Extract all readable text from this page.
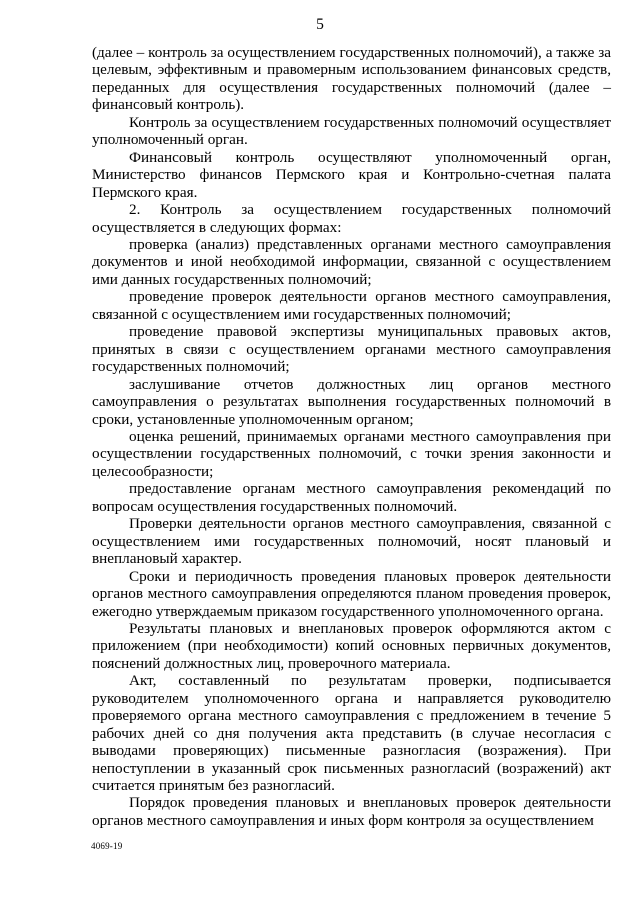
5

(далее – контроль за осуществлением государственных полномочий), а также за целевым, эффективным и правомерным использованием финансовых средств, переданных для осуществления государственных полномочий (далее – финансовый контроль).

Контроль за осуществлением государственных полномочий осуществляет уполномоченный орган.

Финансовый контроль осуществляют уполномоченный орган, Министерство финансов Пермского края и Контрольно-счетная палата Пермского края.

2. Контроль за осуществлением государственных полномочий осуществляется в следующих формах:

проверка (анализ) представленных органами местного самоуправления документов и иной необходимой информации, связанной с осуществлением ими данных государственных полномочий;

проведение проверок деятельности органов местного самоуправления, связанной с осуществлением ими государственных полномочий;

проведение правовой экспертизы муниципальных правовых актов, принятых в связи с осуществлением органами местного самоуправления государственных полномочий;

заслушивание отчетов должностных лиц органов местного самоуправления о результатах выполнения государственных полномочий в сроки, установленные уполномоченным органом;

оценка решений, принимаемых органами местного самоуправления при осуществлении государственных полномочий, с точки зрения законности и целесообразности;

предоставление органам местного самоуправления рекомендаций по вопросам осуществления государственных полномочий.

Проверки деятельности органов местного самоуправления, связанной с осуществлением ими государственных полномочий, носят плановый и внеплановый характер.

Сроки и периодичность проведения плановых проверок деятельности органов местного самоуправления определяются планом проведения проверок, ежегодно утверждаемым приказом государственного уполномоченного органа.

Результаты плановых и внеплановых проверок оформляются актом с приложением (при необходимости) копий основных первичных документов, пояснений должностных лиц, проверочного материала.

Акт, составленный по результатам проверки, подписывается руководителем уполномоченного органа и направляется руководителю проверяемого органа местного самоуправления с предложением в течение 5 рабочих дней со дня получения акта представить (в случае несогласия с выводами проверяющих) письменные разногласия (возражения). При непоступлении в указанный срок письменных разногласий (возражений) акт считается принятым без разногласий.

Порядок проведения плановых и внеплановых проверок деятельности органов местного самоуправления и иных форм контроля за осуществлением

4069-19
